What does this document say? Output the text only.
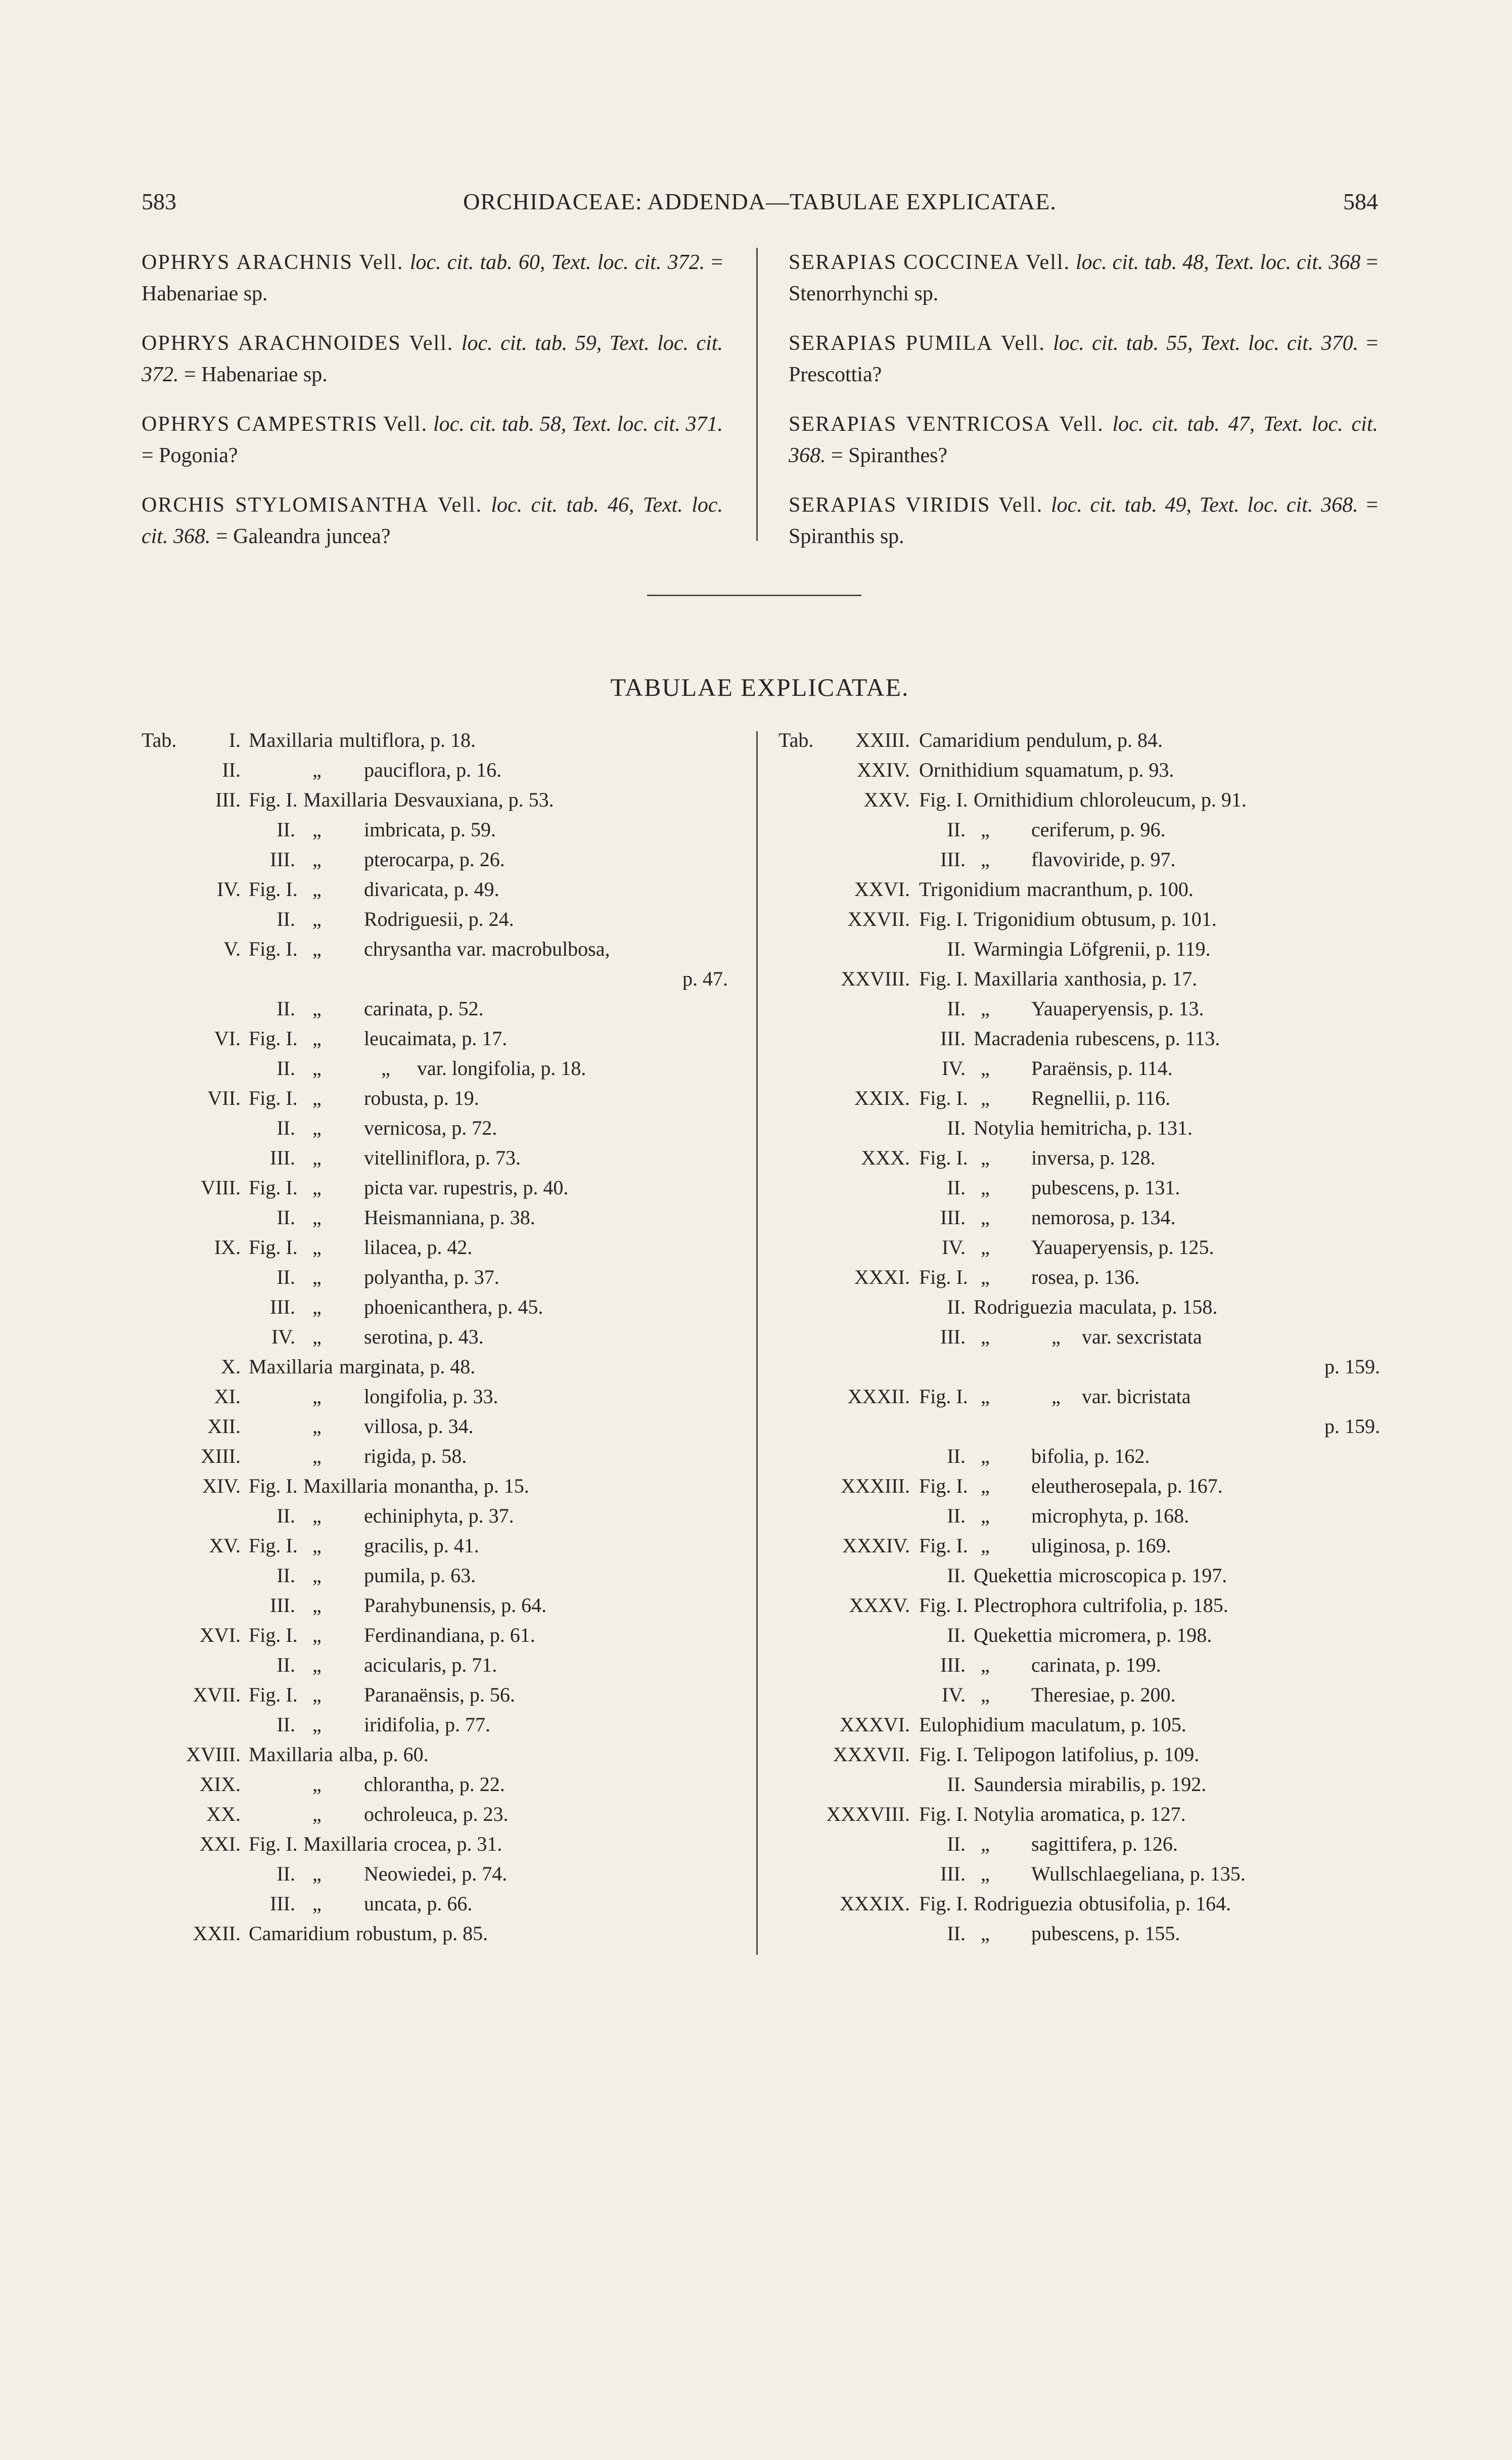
583	ORCHIDACEAE: ADDENDA—TABULAE EXPLICATAE.	584
OPHRYS ARACHNIS Vell. loc. cit. tab. 60, Text. loc. cit. 372. = Habenariae sp.
OPHRYS ARACHNOIDES Vell. loc. cit. tab. 59, Text. loc. cit. 372. = Habenariae sp.
OPHRYS CAMPESTRIS Vell. loc. cit. tab. 58, Text. loc. cit. 371. = Pogonia?
ORCHIS STYLOMISANTHA Vell. loc. cit. tab. 46, Text. loc. cit. 368. = Galeandra juncea?
SERAPIAS COCCINEA Vell. loc. cit. tab. 48, Text. loc. cit. 368 = Stenorrhynchi sp.
SERAPIAS PUMILA Vell. loc. cit. tab. 55, Text. loc. cit. 370. = Prescottia?
SERAPIAS VENTRICOSA Vell. loc. cit. tab. 47, Text. loc. cit. 368. = Spiranthes?
SERAPIAS VIRIDIS Vell. loc. cit. tab. 49, Text. loc. cit. 368. = Spiranthis sp.
TABULAE EXPLICATAE.
Tab.	I. Maxillaria multiflora, p. 18.
II.	„ pauciflora, p. 16.
III. Fig. I. Maxillaria Desvauxiana, p. 53.
II. „ imbricata, p. 59.
III. „ pterocarpa, p. 26.
IV. Fig. I. „ divaricata, p. 49.
II. „ Rodriguesii, p. 24.
V. Fig. I. „ chrysantha var. macrobulbosa,
p. 47.
II. „ carinata, p. 52.
VI. Fig. I. „ leucaimata, p. 17.
II. „	„ var. longifolia, p. 18.
VII. Fig. I. „ robusta, p. 19.
II. „ vernicosa, p. 72.
III. „ vitelliniflora, p. 73.
VIII. Fig. I. „ picta var. rupestris, p. 40.
II. „ Heismanniana, p. 38.
IX. Fig. I. „ lilacea, p. 42.
II. „ polyantha, p. 37.
III. „ phoenicanthera, p. 45.
IV. „ serotina, p. 43.
X. Maxillaria marginata, p. 48.
XI.	„ longifolia, p. 33.
XII.	„ villosa, p. 34.
XIII.	„ rigida, p. 58.
XIV. Fig. I. Maxillaria monantha, p. 15.
II. „ echiniphyta, p. 37.
XV. Fig. I. „ gracilis, p. 41.
II. „ pumila, p. 63.
III. „ Parahybunensis, p. 64.
XVI. Fig. I. „ Ferdinandiana, p. 61.
II. „ acicularis, p. 71.
XVII. Fig. I. „ Paranaënsis, p. 56.
II. „ iridifolia, p. 77.
XVIII. Maxillaria alba, p. 60.
XIX.	„ chlorantha, p. 22.
XX.	„ ochroleuca, p. 23.
XXI. Fig. I. Maxillaria crocea, p. 31.
II. „ Neowiedei, p. 74.
III. „ uncata, p. 66.
XXII. Camaridium robustum, p. 85.
Tab.	XXIII. Camaridium pendulum, p. 84.
XXIV. Ornithidium squamatum, p. 93.
XXV. Fig. I. Ornithidium chloroleucum, p. 91.
II. „ ceriferum, p. 96.
III. „ flavoviride, p. 97.
XXVI. Trigonidium macranthum, p. 100.
XXVII. Fig. I. Trigonidium obtusum, p. 101.
II. Warmingia Löfgrenii, p. 119.
XXVIII. Fig. I. Maxillaria xanthosia, p. 17.
II. „ Yauaperyensis, p. 13.
III. Macradenia rubescens, p. 113.
IV. „ Paraënsis, p. 114.
XXIX. Fig. I. „ Regnellii, p. 116.
II. Notylia hemitricha, p. 131.
XXX. Fig. I. „ inversa, p. 128.
II. „ pubescens, p. 131.
III. „ nemorosa, p. 134.
IV. „ Yauaperyensis, p. 125.
XXXI. Fig. I. „ rosea, p. 136.
II. Rodriguezia maculata, p. 158.
III. „	„ var. sexcristata
p. 159.
XXXII. Fig. I. „	„ var. bicristata
p. 159.
II. „ bifolia, p. 162.
XXXIII. Fig. I. „ eleutherosepala, p. 167.
II. „ microphyta, p. 168.
XXXIV. Fig. I. „ uliginosa, p. 169.
II. Quekettia microscopica p. 197.
XXXV. Fig. I. Plectrophora cultrifolia, p. 185.
II. Quekettia micromera, p. 198.
III. „ carinata, p. 199.
IV. „ Theresiae, p. 200.
XXXVI. Eulophidium maculatum, p. 105.
XXXVII. Fig. I. Telipogon latifolius, p. 109.
II. Saundersia mirabilis, p. 192.
XXXVIII. Fig. I. Notylia aromatica, p. 127.
II. „ sagittifera, p. 126.
III. „ Wullschlaegeliana, p. 135.
XXXIX. Fig. I. Rodriguezia obtusifolia, p. 164.
II. „ pubescens, p. 155.
